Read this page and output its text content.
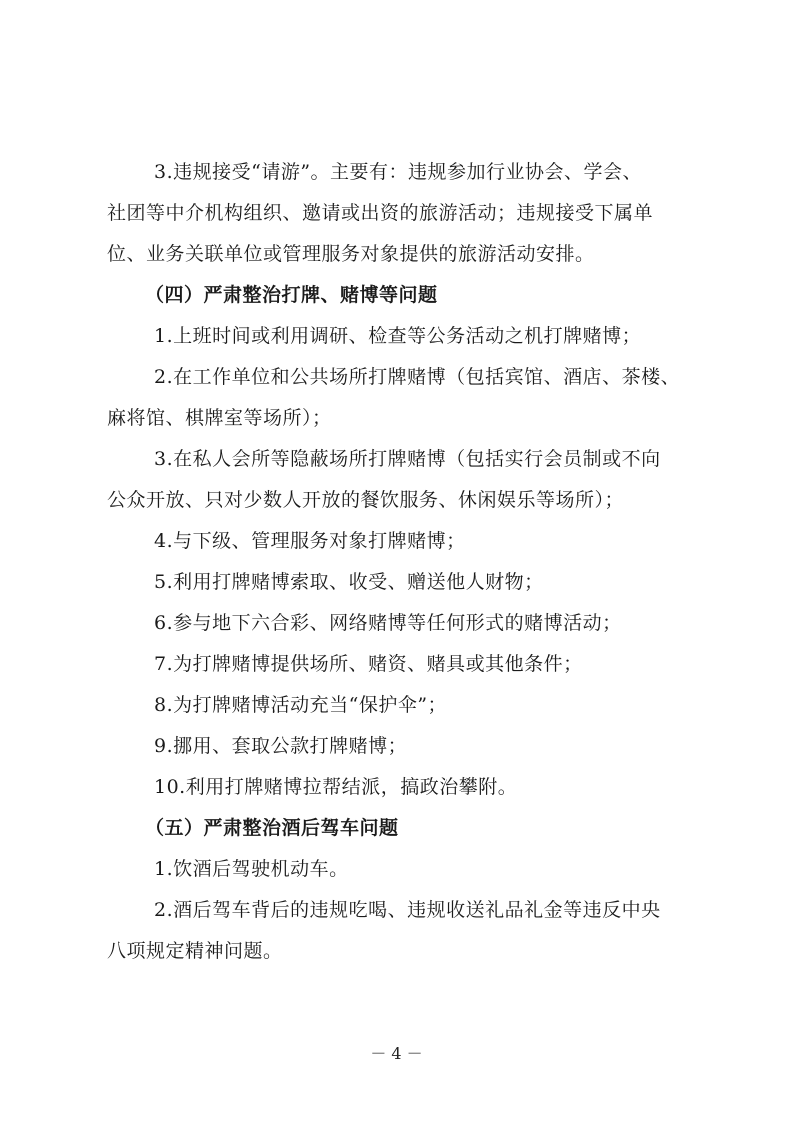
3.违规接受“请游”。主要有：违规参加行业协会、学会、
社团等中介机构组织、邀请或出资的旅游活动；违规接受下属单
位、业务关联单位或管理服务对象提供的旅游活动安排。
（四）严肃整治打牌、赌博等问题
1.上班时间或利用调研、检查等公务活动之机打牌赌博；
2.在工作单位和公共场所打牌赌博（包括宾馆、酒店、茶楼、
麻将馆、棋牌室等场所）；
3.在私人会所等隐蔽场所打牌赌博（包括实行会员制或不向
公众开放、只对少数人开放的餐饮服务、休闲娱乐等场所）；
4.与下级、管理服务对象打牌赌博；
5.利用打牌赌博索取、收受、赠送他人财物；
6.参与地下六合彩、网络赌博等任何形式的赌博活动；
7.为打牌赌博提供场所、赌资、赌具或其他条件；
8.为打牌赌博活动充当“保护伞”；
9.挪用、套取公款打牌赌博；
10.利用打牌赌博拉帮结派，搞政治攀附。
（五）严肃整治酒后驾车问题
1.饮酒后驾驶机动车。
2.酒后驾车背后的违规吃喝、违规收送礼品礼金等违反中央
八项规定精神问题。
－ 4 －
